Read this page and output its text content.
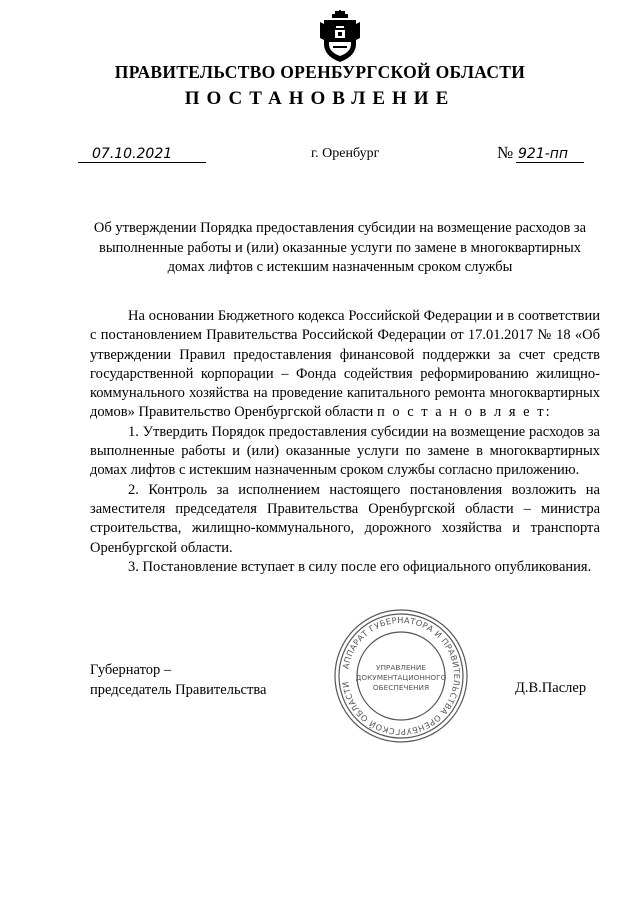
ПРАВИТЕЛЬСТВО ОРЕНБУРГСКОЙ ОБЛАСТИ
ПОСТАНОВЛЕНИЕ
07.10.2021	г. Оренбург	№ 921-пп
Об утверждении Порядка предоставления субсидии на возмещение расходов за выполненные работы и (или) оказанные услуги по замене в многоквартирных домах лифтов с истекшим назначенным сроком службы

На основании Бюджетного кодекса Российской Федерации и в соответствии с постановлением Правительства Российской Федерации от 17.01.2017 № 18 «Об утверждении Правил предоставления финансовой поддержки за счет средств государственной корпорации – Фонда содействия реформированию жилищно-коммунального хозяйства на проведение капитального ремонта многоквартирных домов» Правительство Оренбургской области п о с т а н о в л я е т:

1. Утвердить Порядок предоставления субсидии на возмещение расходов за выполненные работы и (или) оказанные услуги по замене в многоквартирных домах лифтов с истекшим назначенным сроком службы согласно приложению.

2. Контроль за исполнением настоящего постановления возложить на заместителя председателя Правительства Оренбургской области – министра строительства, жилищно-коммунального, дорожного хозяйства и транспорта Оренбургской области.

3. Постановление вступает в силу после его официального опубликования.

Губернатор –
председатель Правительства	Д.В.Паслер
АППАРАТ ГУБЕРНАТОРА И ПРАВИТЕЛЬСТВА ОРЕНБУРГСКОЙ ОБЛАСТИ
УПРАВЛЕНИЕ
ДОКУМЕНТАЦИОННОГО
ОБЕСПЕЧЕНИЯ
